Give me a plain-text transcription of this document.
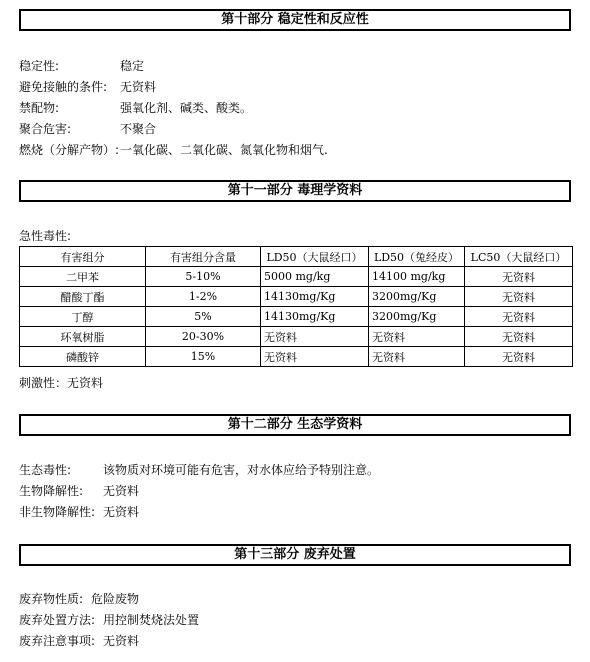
第十部分 稳定性和反应性
稳定性:	稳定
避免接触的条件: 无资料
禁配物:	强氧化剂、碱类、酸类。
聚合危害:	不聚合
燃烧（分解产物）: 一氧化碳、二氧化碳、氮氧化物和烟气.
第十一部分 毒理学资料
急性毒性:
有害组分	有害组分含量	LD50（大鼠经口）	LD50（兔经皮）	LC50（大鼠经口）
二甲苯	5-10%	5000 mg/kg	14100 mg/kg	无资料
醋酸丁酯	1-2%	14130mg/Kg	3200mg/Kg	无资料
丁醇	5%	14130mg/Kg	3200mg/Kg	无资料
环氧树脂	20-30%	无资料	无资料	无资料
磷酸锌	15%	无资料	无资料	无资料
刺激性：无资料
第十二部分 生态学资料
生态毒性:	该物质对环境可能有危害，对水体应给予特别注意。
生物降解性: 无资料
非生物降解性: 无资料
第十三部分 废弃处置
废弃物性质: 危险废物
废弃处置方法: 用控制焚烧法处置
废弃注意事项: 无资料
